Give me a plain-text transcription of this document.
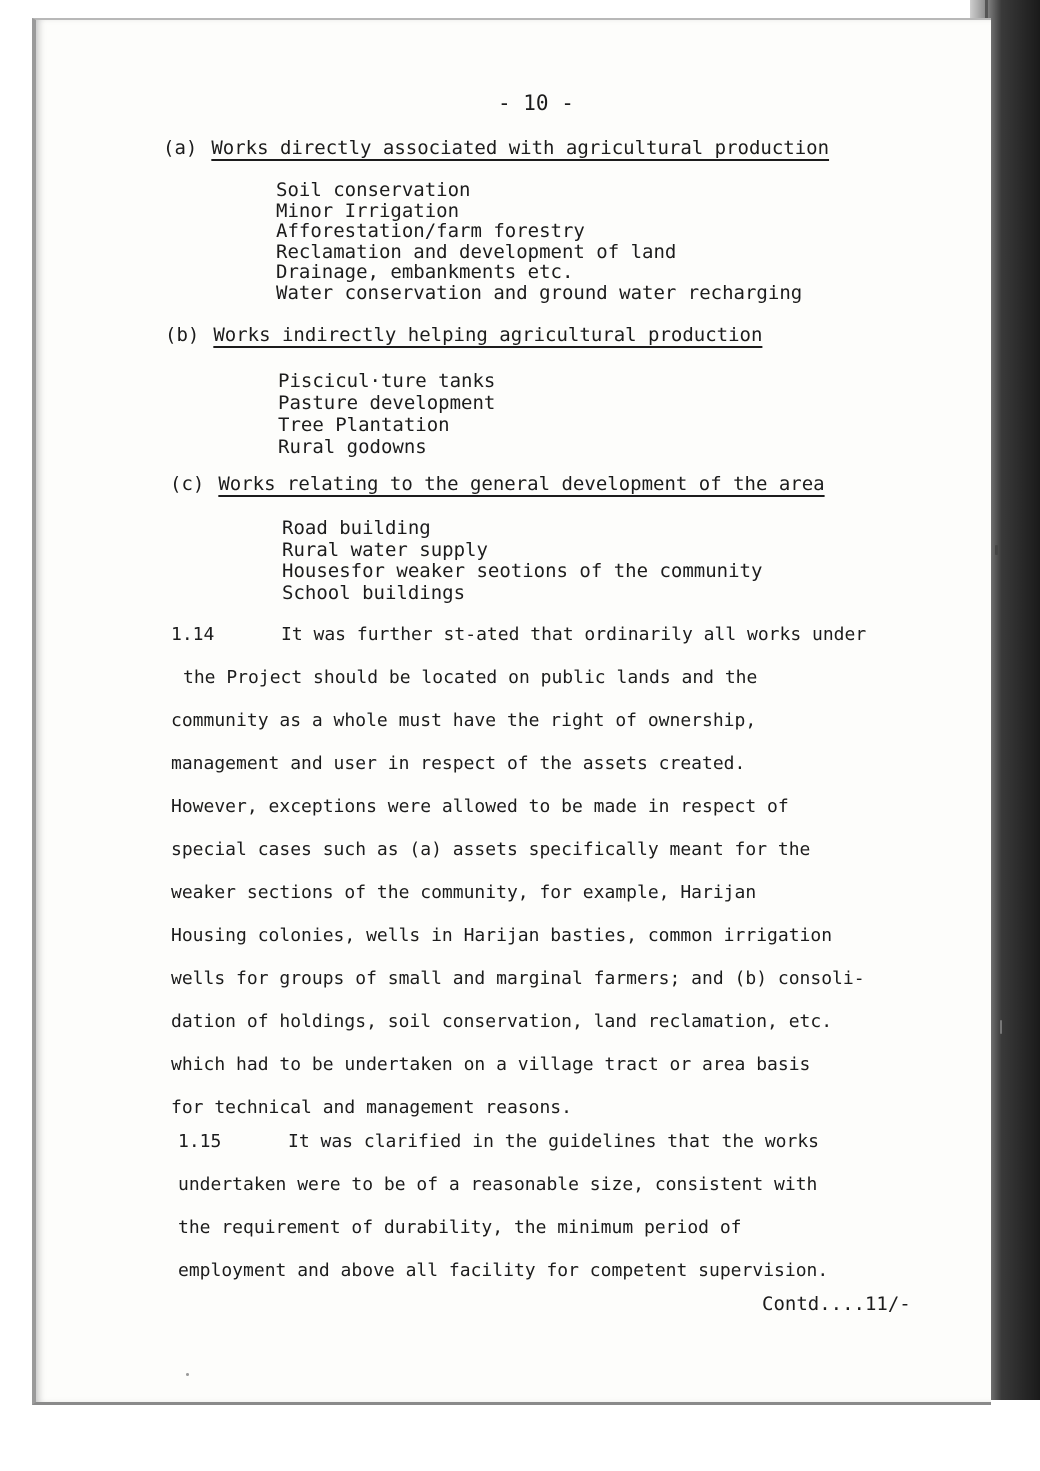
- 10 -
(a) Works directly associated with agricultural production
Soil conservation
Minor Irrigation
Afforestation/farm forestry
Reclamation and development of land
Drainage, embankments etc.
Water conservation and ground water recharging
(b) Works indirectly helping agricultural production
Piscicul·ture tanks
Pasture development
Tree Plantation
Rural godowns
(c) Works relating to the general development of the area
Road building
Rural water supply
Housesfor weaker seotions of the community
School buildings
1.14	It was further st-ated that ordinarily all works under
the Project should be located on public lands and the
community as a whole must have the right of ownership,
management and user in respect of the assets created.
However, exceptions were allowed to be made in respect of
special cases such as (a) assets specifically meant for the
weaker sections of the community, for example, Harijan
Housing colonies, wells in Harijan basties, common irrigation
wells for groups of small and marginal farmers; and (b) consoli-
dation of holdings, soil conservation, land reclamation, etc.
which had to be undertaken on a village tract or area basis
for technical and management reasons.
1.15	It was clarified in the guidelines that the works
undertaken were to be of a reasonable size, consistent with
the requirement of durability, the minimum period of
employment and above all facility for competent supervision.
Contd....11/-
